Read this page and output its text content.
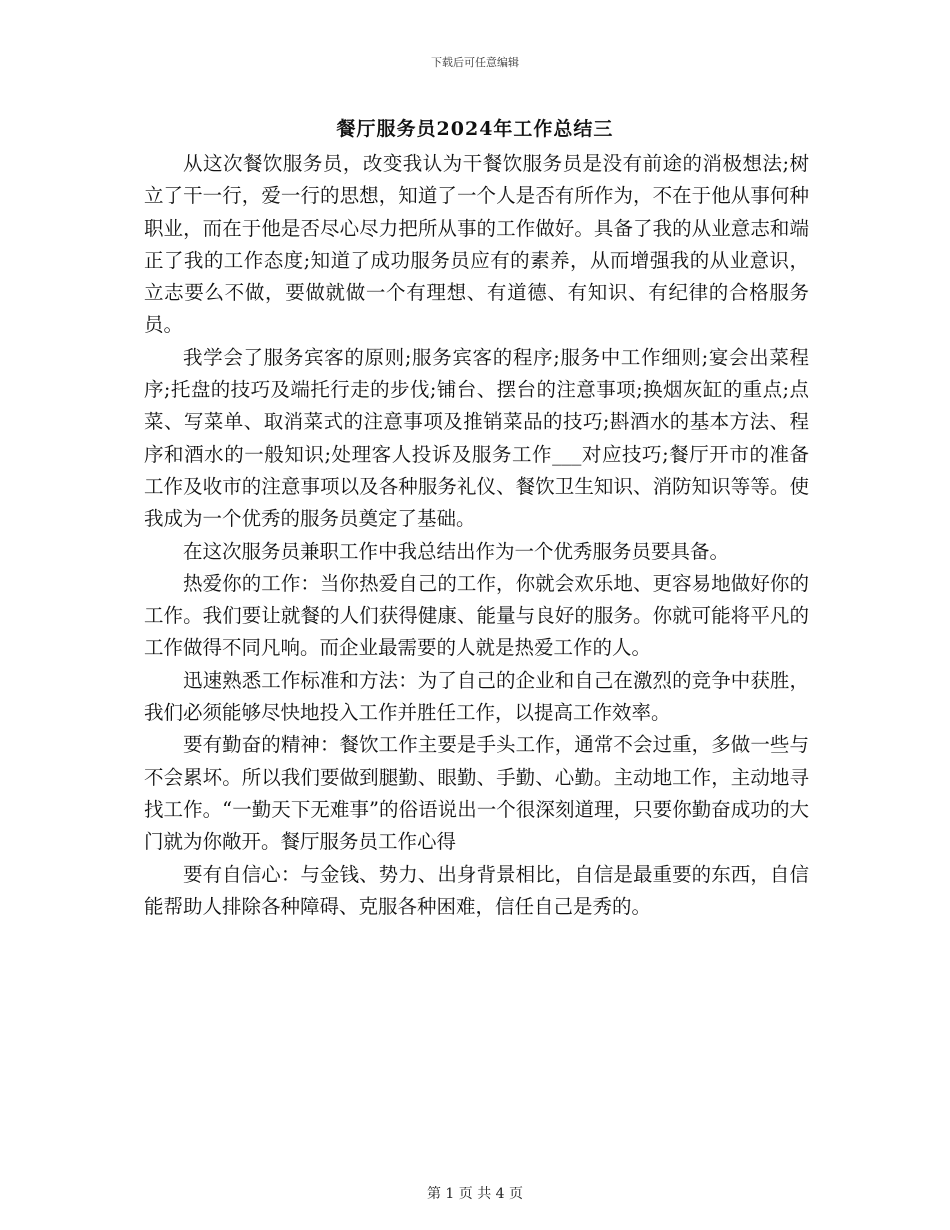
下载后可任意编辑
餐厅服务员2024年工作总结三

从这次餐饮服务员，改变我认为干餐饮服务员是没有前途的消极想法;树立了干一行，爱一行的思想，知道了一个人是否有所作为，不在于他从事何种职业，而在于他是否尽心尽力把所从事的工作做好。具备了我的从业意志和端正了我的工作态度;知道了成功服务员应有的素养，从而增强我的从业意识，立志要么不做，要做就做一个有理想、有道德、有知识、有纪律的合格服务员。

我学会了服务宾客的原则;服务宾客的程序;服务中工作细则;宴会出菜程序;托盘的技巧及端托行走的步伐;铺台、摆台的注意事项;换烟灰缸的重点;点菜、写菜单、取消菜式的注意事项及推销菜品的技巧;斟酒水的基本方法、程序和酒水的一般知识;处理客人投诉及服务工作___对应技巧;餐厅开市的准备工作及收市的注意事项以及各种服务礼仪、餐饮卫生知识、消防知识等等。使我成为一个优秀的服务员奠定了基础。

在这次服务员兼职工作中我总结出作为一个优秀服务员要具备。

热爱你的工作：当你热爱自己的工作，你就会欢乐地、更容易地做好你的工作。我们要让就餐的人们获得健康、能量与良好的服务。你就可能将平凡的工作做得不同凡响。而企业最需要的人就是热爱工作的人。

迅速熟悉工作标准和方法：为了自己的企业和自己在激烈的竞争中获胜，我们必须能够尽快地投入工作并胜任工作，以提高工作效率。

要有勤奋的精神：餐饮工作主要是手头工作，通常不会过重，多做一些与不会累坏。所以我们要做到腿勤、眼勤、手勤、心勤。主动地工作，主动地寻找工作。“一勤天下无难事”的俗语说出一个很深刻道理，只要你勤奋成功的大门就为你敞开。餐厅服务员工作心得

要有自信心：与金钱、势力、出身背景相比，自信是最重要的东西，自信能帮助人排除各种障碍、克服各种困难，信任自己是秀的。

第 1 页 共 4 页
